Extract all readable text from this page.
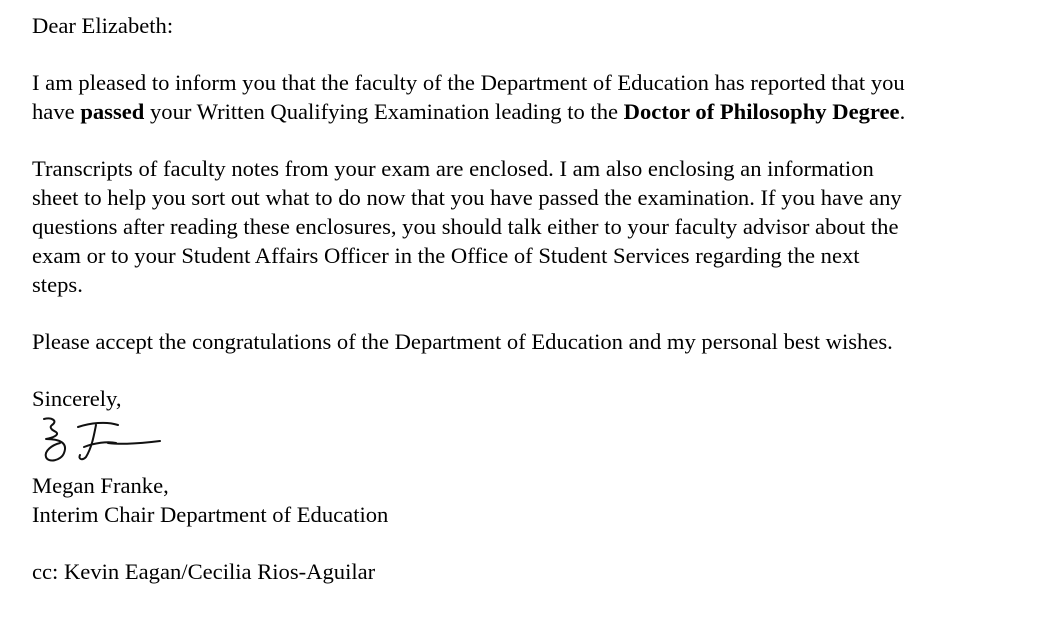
Dear Elizabeth:

I am pleased to inform you that the faculty of the Department of Education has reported that you
have passed your Written Qualifying Examination leading to the Doctor of Philosophy Degree.
Transcripts of faculty notes from your exam are enclosed. I am also enclosing an information
sheet to help you sort out what to do now that you have passed the examination. If you have any
questions after reading these enclosures, you should talk either to your faculty advisor about the
exam or to your Student Affairs Officer in the Office of Student Services regarding the next
steps.

Please accept the congratulations of the Department of Education and my personal best wishes.

Sincerely,

Megan Franke,

Interim Chair Department of Education

cc: Kevin Eagan/Cecilia Rios-Aguilar
